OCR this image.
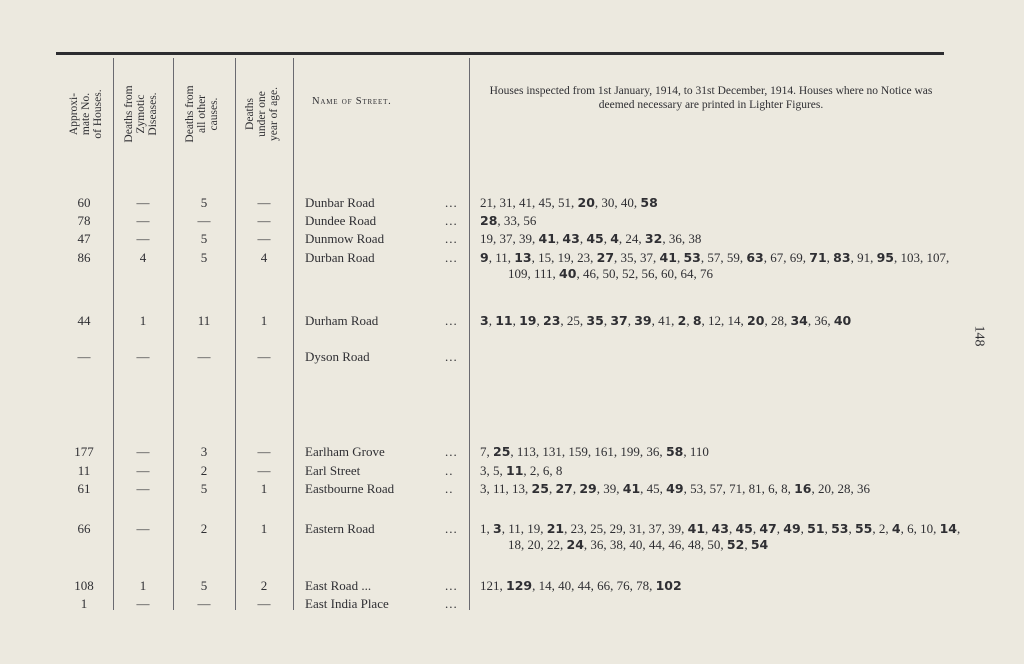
Approxi-
mate No.
of Houses.
Deaths from
Zymotic
Diseases.	Deaths from
all other
causes.	Deaths
under one
year of age.	Name of Street.
Houses inspected from 1st January, 1914, to 31st December, 1914. Houses where no Notice was deemed necessary are printed in Lighter Figures.
60	—	5	—	Dunbar Road	... 21, 31, 41, 45, 51, 20, 30, 40, 58
78	—	—	—	Dundee Road	... 28, 33, 56
47	—	5	—	Dunmow Road	... 19, 37, 39, 41, 43, 45, 4, 24, 32, 36, 38
86	4	5	4	Durban Road	... 9, 11, 13, 15, 19, 23, 27, 35, 37, 41, 53, 57, 59, 63, 67, 69, 71, 83, 91, 95, 103, 107, 109, 111, 40, 46, 50, 52, 56, 60, 64, 76
44	1	11	1	Durham Road	... 3, 11, 19, 23, 25, 35, 37, 39, 41, 2, 8, 12, 14, 20, 28, 34, 36, 40
—	—	—	—	Dyson Road	...
177	—	3	—	Earlham Grove	... 7, 25, 113, 131, 159, 161, 199, 36, 58, 110
11	—	2	—	Earl Street	.. 3, 5, 11, 2, 6, 8
61	—	5	1	Eastbourne Road	.. 3, 11, 13, 25, 27, 29, 39, 41, 45, 49, 53, 57, 71, 81, 6, 8, 16, 20, 28, 36
66	—	2	1	Eastern Road	... 1, 3, 11, 19, 21, 23, 25, 29, 31, 37, 39, 41, 43, 45, 47, 49, 51, 53, 55, 2, 4, 6, 10, 14, 18, 20, 22, 24, 36, 38, 40, 44, 46, 48, 50, 52, 54
108	1	5	2	East Road ...	... 121, 129, 14, 40, 44, 66, 76, 78, 102
1	—	—	—	East India Place	...
148
